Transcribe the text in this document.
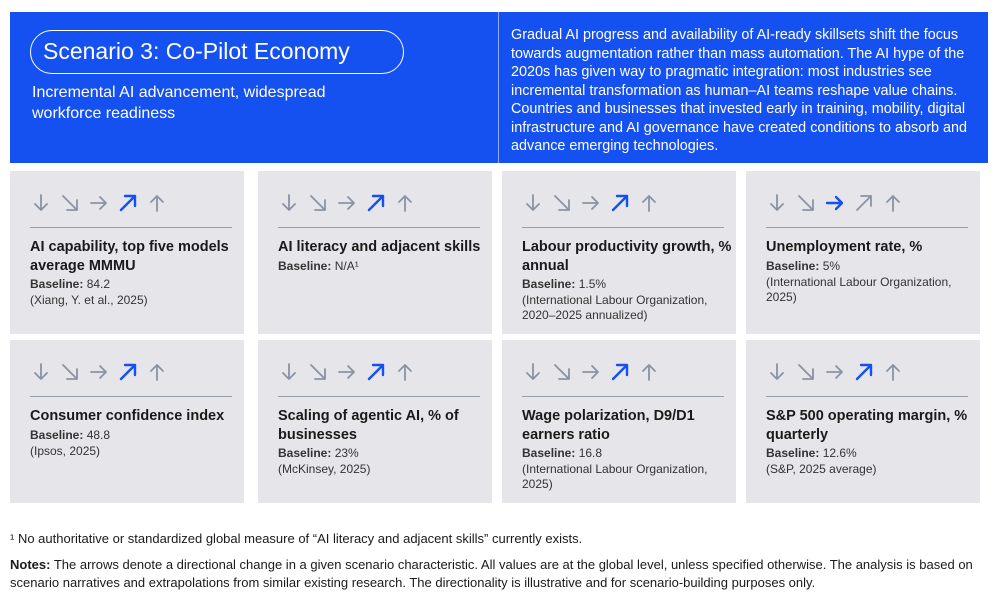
Scenario 3: Co-Pilot Economy
Incremental AI advancement, widespread workforce readiness
Gradual AI progress and availability of AI-ready skillsets shift the focus towards augmentation rather than mass automation. The AI hype of the 2020s has given way to pragmatic integration: most industries see incremental transformation as human–AI teams reshape value chains. Countries and businesses that invested early in training, mobility, digital infrastructure and AI governance have created conditions to absorb and advance emerging technologies.
AI capability, top five models average MMMU
Baseline: 84.2
(Xiang, Y. et al., 2025)
AI literacy and adjacent skills
Baseline: N/A¹
Labour productivity growth, % annual
Baseline: 1.5%
(International Labour Organization, 2020–2025 annualized)
Unemployment rate, %
Baseline: 5%
(International Labour Organization, 2025)
Consumer confidence index
Baseline: 48.8
(Ipsos, 2025)
Scaling of agentic AI, % of businesses
Baseline: 23%
(McKinsey, 2025)
Wage polarization, D9/D1 earners ratio
Baseline: 16.8
(International Labour Organization, 2025)
S&P 500 operating margin, % quarterly
Baseline: 12.6%
(S&P, 2025 average)
¹ No authoritative or standardized global measure of “AI literacy and adjacent skills” currently exists.
Notes: The arrows denote a directional change in a given scenario characteristic. All values are at the global level, unless specified otherwise. The analysis is based on scenario narratives and extrapolations from similar existing research. The directionality is illustrative and for scenario-building purposes only.
